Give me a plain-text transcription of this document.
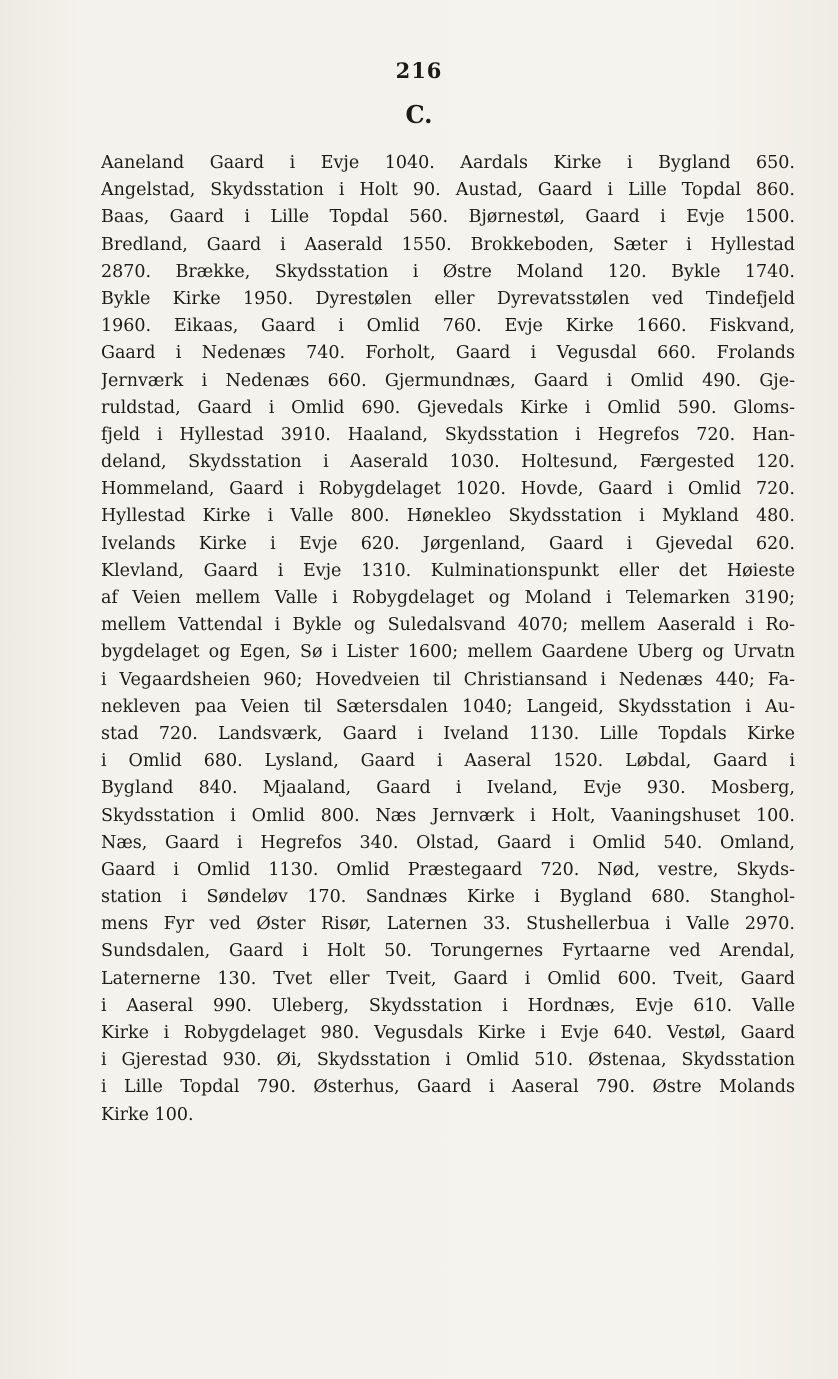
216
C.
Aaneland Gaard i Evje 1040. Aardals Kirke i Bygland 650.
Angelstad, Skydsstation i Holt 90. Austad, Gaard i Lille Topdal 860.
Baas, Gaard i Lille Topdal 560. Bjørnestøl, Gaard i Evje 1500.
Bredland, Gaard i Aaserald 1550. Brokkeboden, Sæter i Hyllestad
2870. Brække, Skydsstation i Østre Moland 120. Bykle 1740.
Bykle Kirke 1950. Dyrestølen eller Dyrevatsstølen ved Tindefjeld
1960. Eikaas, Gaard i Omlid 760. Evje Kirke 1660. Fiskvand,
Gaard i Nedenæs 740. Forholt, Gaard i Vegusdal 660. Frolands
Jernværk i Nedenæs 660. Gjermundnæs, Gaard i Omlid 490. Gje-
ruldstad, Gaard i Omlid 690. Gjevedals Kirke i Omlid 590. Gloms-
fjeld i Hyllestad 3910. Haaland, Skydsstation i Hegrefos 720. Han-
deland, Skydsstation i Aaserald 1030. Holtesund, Færgested 120.
Hommeland, Gaard i Robygdelaget 1020. Hovde, Gaard i Omlid 720.
Hyllestad Kirke i Valle 800. Hønekleo Skydsstation i Mykland 480.
Ivelands Kirke i Evje 620. Jørgenland, Gaard i Gjevedal 620.
Klevland, Gaard i Evje 1310. Kulminationspunkt eller det Høieste
af Veien mellem Valle i Robygdelaget og Moland i Telemarken 3190;
mellem Vattendal i Bykle og Suledalsvand 4070; mellem Aaserald i Ro-
bygdelaget og Egen, Sø i Lister 1600; mellem Gaardene Uberg og Urvatn
i Vegaardsheien 960; Hovedveien til Christiansand i Nedenæs 440; Fa-
nekleven paa Veien til Sætersdalen 1040; Langeid, Skydsstation i Au-
stad 720. Landsværk, Gaard i Iveland 1130. Lille Topdals Kirke
i Omlid 680. Lysland, Gaard i Aaseral 1520. Løbdal, Gaard i
Bygland 840. Mjaaland, Gaard i Iveland, Evje 930. Mosberg,
Skydsstation i Omlid 800. Næs Jernværk i Holt, Vaaningshuset 100.
Næs, Gaard i Hegrefos 340. Olstad, Gaard i Omlid 540. Omland,
Gaard i Omlid 1130. Omlid Præstegaard 720. Nød, vestre, Skyds-
station i Søndeløv 170. Sandnæs Kirke i Bygland 680. Stanghol-
mens Fyr ved Øster Risør, Laternen 33. Stushellerbua i Valle 2970.
Sundsdalen, Gaard i Holt 50. Torungernes Fyrtaarne ved Arendal,
Laternerne 130. Tvet eller Tveit, Gaard i Omlid 600. Tveit, Gaard
i Aaseral 990. Uleberg, Skydsstation i Hordnæs, Evje 610. Valle
Kirke i Robygdelaget 980. Vegusdals Kirke i Evje 640. Vestøl, Gaard
i Gjerestad 930. Øi, Skydsstation i Omlid 510. Østenaa, Skydsstation
i Lille Topdal 790. Østerhus, Gaard i Aaseral 790. Østre Molands
Kirke 100.
